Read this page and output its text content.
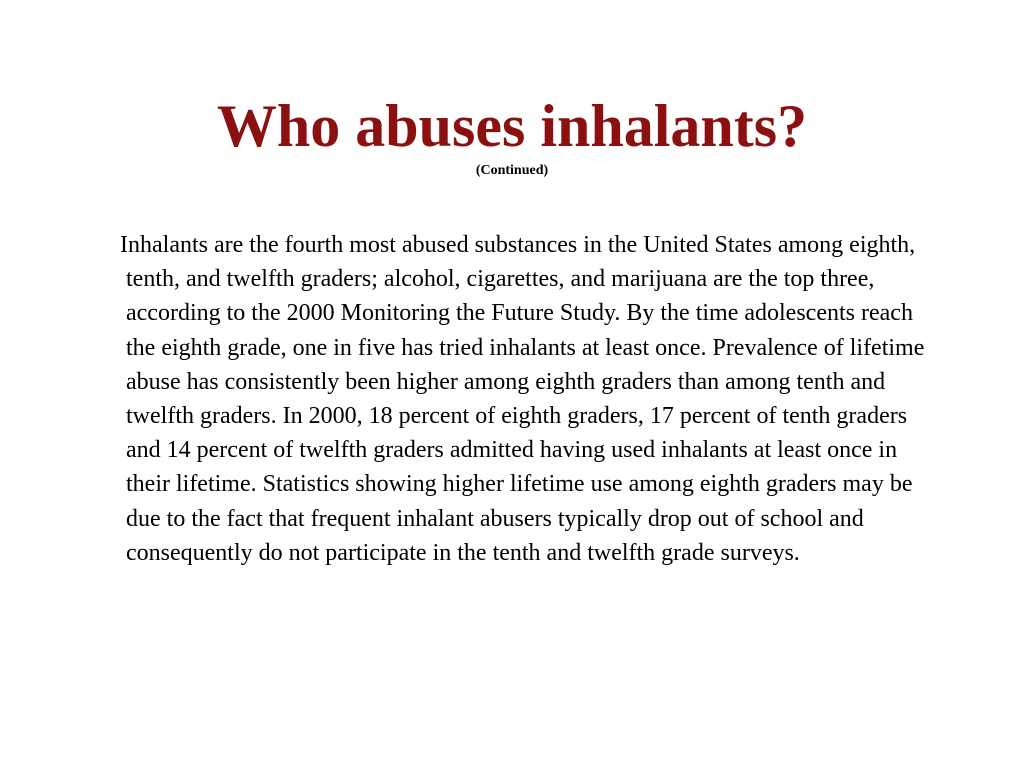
Who abuses inhalants?

(Continued)

Inhalants are the fourth most abused substances in the United States among eighth, tenth, and twelfth graders; alcohol, cigarettes, and marijuana are the top three, according to the 2000 Monitoring the Future Study. By the time adolescents reach the eighth grade, one in five has tried inhalants at least once. Prevalence of lifetime abuse has consistently been higher among eighth graders than among tenth and twelfth graders. In 2000, 18 percent of eighth graders, 17 percent of tenth graders and 14 percent of twelfth graders admitted having used inhalants at least once in their lifetime. Statistics showing higher lifetime use among eighth graders may be due to the fact that frequent inhalant abusers typically drop out of school and consequently do not participate in the tenth and twelfth grade surveys.
